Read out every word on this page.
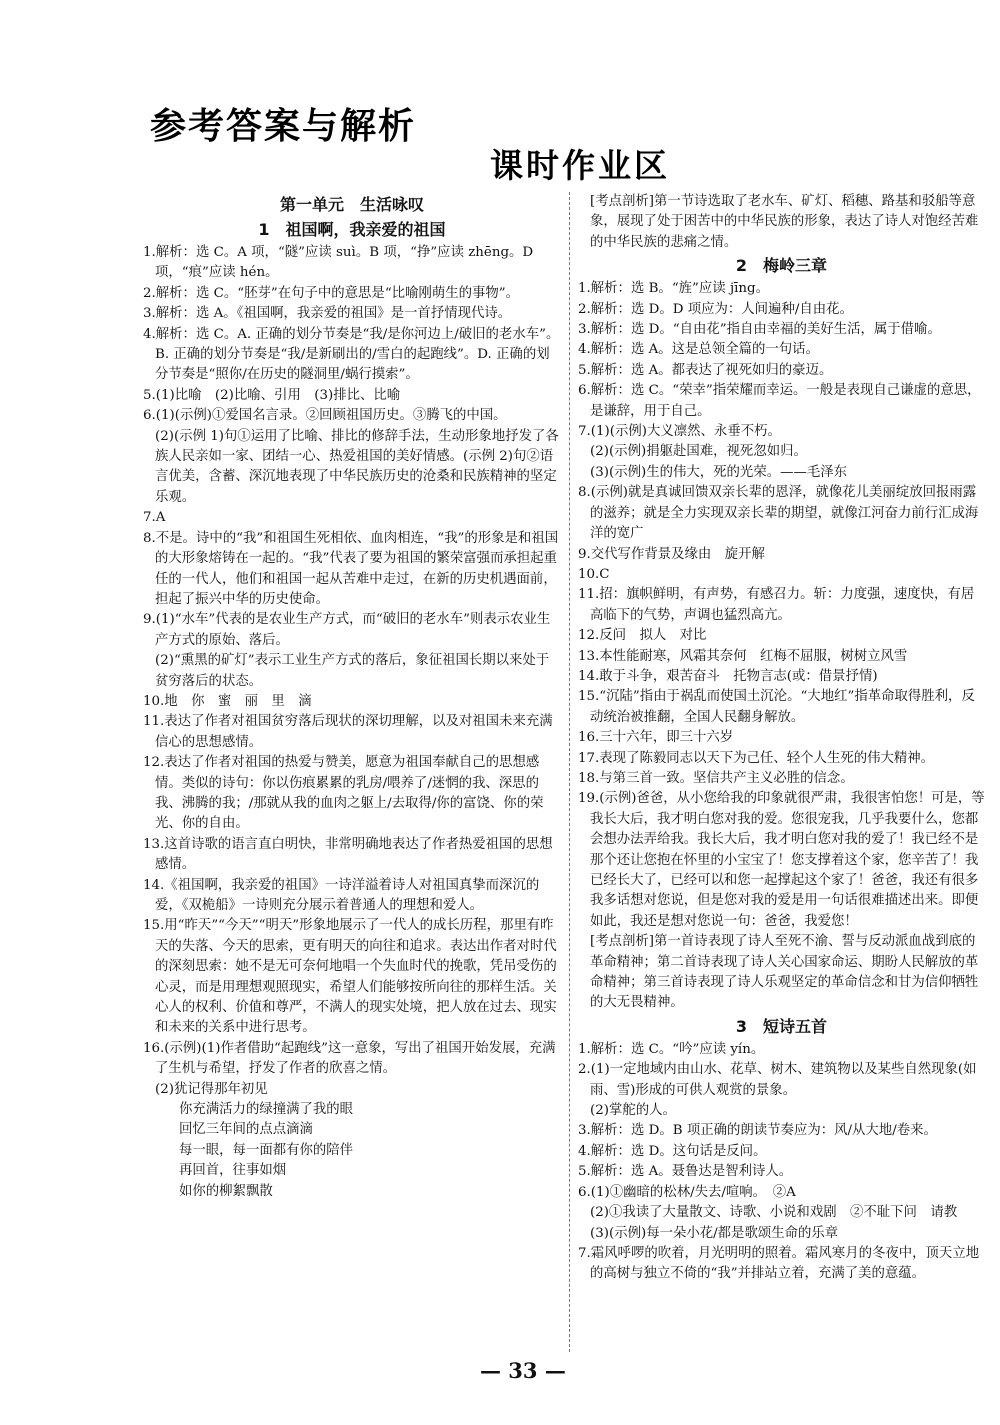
参考答案与解析
课时作业区
第一单元　生活咏叹
1　祖国啊，我亲爱的祖国

1.解析：选 C。A 项，“隧”应读 suì。B 项，“挣”应读 zhēng。D 项，“痕”应读 hén。

2.解析：选 C。“胚芽”在句子中的意思是“比喻刚萌生的事物”。

3.解析：选 A。《祖国啊，我亲爱的祖国》是一首抒情现代诗。

4.解析：选 C。A. 正确的划分节奏是“我/是你河边上/破旧的老水车”。B. 正确的划分节奏是“我/是新刷出的/雪白的起跑线”。D. 正确的划分节奏是“照你/在历史的隧洞里/蜗行摸索”。

5.(1)比喻　(2)比喻、引用　(3)排比、比喻

6.(1)(示例)①爱国名言录。②回顾祖国历史。③腾飞的中国。

(2)(示例 1)句①运用了比喻、排比的修辞手法，生动形象地抒发了各族人民亲如一家、团结一心、热爱祖国的美好情感。(示例 2)句②语言优美，含蓄、深沉地表现了中华民族历史的沧桑和民族精神的坚定乐观。

7.A

8.不是。诗中的“我”和祖国生死相依、血肉相连，“我”的形象是和祖国的大形象熔铸在一起的。“我”代表了要为祖国的繁荣富强而承担起重任的一代人，他们和祖国一起从苦难中走过，在新的历史机遇面前，担起了振兴中华的历史使命。

9.(1)“水车”代表的是农业生产方式，而“破旧的老水车”则表示农业生产方式的原始、落后。

(2)“熏黑的矿灯”表示工业生产方式的落后，象征祖国长期以来处于贫穷落后的状态。

10.地　你　蜜　丽　里　滴

11.表达了作者对祖国贫穷落后现状的深切理解，以及对祖国未来充满信心的思想感情。

12.表达了作者对祖国的热爱与赞美，愿意为祖国奉献自己的思想感情。类似的诗句：你以伤痕累累的乳房/喂养了/迷惘的我、深思的我、沸腾的我；/那就从我的血肉之躯上/去取得/你的富饶、你的荣光、你的自由。

13.这首诗歌的语言直白明快，非常明确地表达了作者热爱祖国的思想感情。

14.《祖国啊，我亲爱的祖国》一诗洋溢着诗人对祖国真挚而深沉的爱，《双桅船》一诗则充分展示着普通人的理想和爱人。

15.用“昨天”“今天”“明天”形象地展示了一代人的成长历程，那里有昨天的失落、今天的思索，更有明天的向往和追求。表达出作者对时代的深刻思索：她不是无可奈何地唱一个失血时代的挽歌，凭吊受伤的心灵，而是用理想观照现实，希望人们能够按所向往的那样生活。关心人的权利、价值和尊严，不满人的现实处境，把人放在过去、现实和未来的关系中进行思考。

16.(示例)(1)作者借助“起跑线”这一意象，写出了祖国开始发展，充满了生机与希望，抒发了作者的欣喜之情。

(2)犹记得那年初见

你充满活力的绿撞满了我的眼

回忆三年间的点点滴滴

每一眼，每一面都有你的陪伴

再回首，往事如烟

如你的柳絮飘散

[考点剖析]第一节诗选取了老水车、矿灯、稻穗、路基和驳船等意象，展现了处于困苦中的中华民族的形象，表达了诗人对饱经苦难的中华民族的悲痛之情。

2　梅岭三章

1.解析：选 B。“旌”应读 jīng。

2.解析：选 D。D 项应为：人间遍种/自由花。

3.解析：选 D。“自由花”指自由幸福的美好生活，属于借喻。

4.解析：选 A。这是总领全篇的一句话。

5.解析：选 A。都表达了视死如归的豪迈。

6.解析：选 C。“荣幸”指荣耀而幸运。一般是表现自己谦虚的意思，是谦辞，用于自己。

7.(1)(示例)大义凛然、永垂不朽。

(2)(示例)捐躯赴国难，视死忽如归。

(3)(示例)生的伟大，死的光荣。——毛泽东

8.(示例)就是真诚回馈双亲长辈的恩泽，就像花儿美丽绽放回报雨露的滋养；就是全力实现双亲长辈的期望，就像江河奋力前行汇成海洋的宽广

9.交代写作背景及缘由　旋开解

10.C

11.招：旗帜鲜明，有声势，有感召力。斩：力度强，速度快，有居高临下的气势，声调也猛烈高亢。

12.反问　拟人　对比

13.本性能耐寒，风霜其奈何　红梅不屈服，树树立风雪

14.敢于斗争，艰苦奋斗　托物言志(或：借景抒情)

15.“沉陆”指由于祸乱而使国土沉沦。“大地红”指革命取得胜利，反动统治被推翻，全国人民翻身解放。

16.三十六年，即三十六岁

17.表现了陈毅同志以天下为己任、轻个人生死的伟大精神。

18.与第三首一致。坚信共产主义必胜的信念。

19.(示例)爸爸，从小您给我的印象就很严肃，我很害怕您！可是，等我长大后，我才明白您对我的爱。您很宠我，几乎我要什么，您都会想办法弄给我。我长大后，我才明白您对我的爱了！我已经不是那个还让您抱在怀里的小宝宝了！您支撑着这个家，您辛苦了！我已经长大了，已经可以和您一起撑起这个家了！爸爸，我还有很多我多话想对您说，但是您对我的爱是用一句话很难描述出来。即便如此，我还是想对您说一句：爸爸，我爱您！

[考点剖析]第一首诗表现了诗人至死不渝、誓与反动派血战到底的革命精神；第二首诗表现了诗人关心国家命运、期盼人民解放的革命精神；第三首诗表现了诗人乐观坚定的革命信念和甘为信仰牺牲的大无畏精神。

3　短诗五首

1.解析：选 C。“吟”应读 yín。

2.(1)一定地域内由山水、花草、树木、建筑物以及某些自然现象(如雨、雪)形成的可供人观赏的景象。

(2)掌舵的人。

3.解析：选 D。B 项正确的朗读节奏应为：风/从大地/卷来。

4.解析：选 D。这句话是反问。

5.解析：选 A。聂鲁达是智利诗人。

6.(1)①幽暗的松林/失去/喧响。　②A

(2)①我读了大量散文、诗歌、小说和戏剧　②不耻下问　请教

(3)(示例)每一朵小花/都是歌颂生命的乐章

7.霜风呼啰的吹着，月光明明的照着。霜风寒月的冬夜中，顶天立地的高树与独立不倚的“我”并排站立着，充满了美的意蕴。

— 33 —
